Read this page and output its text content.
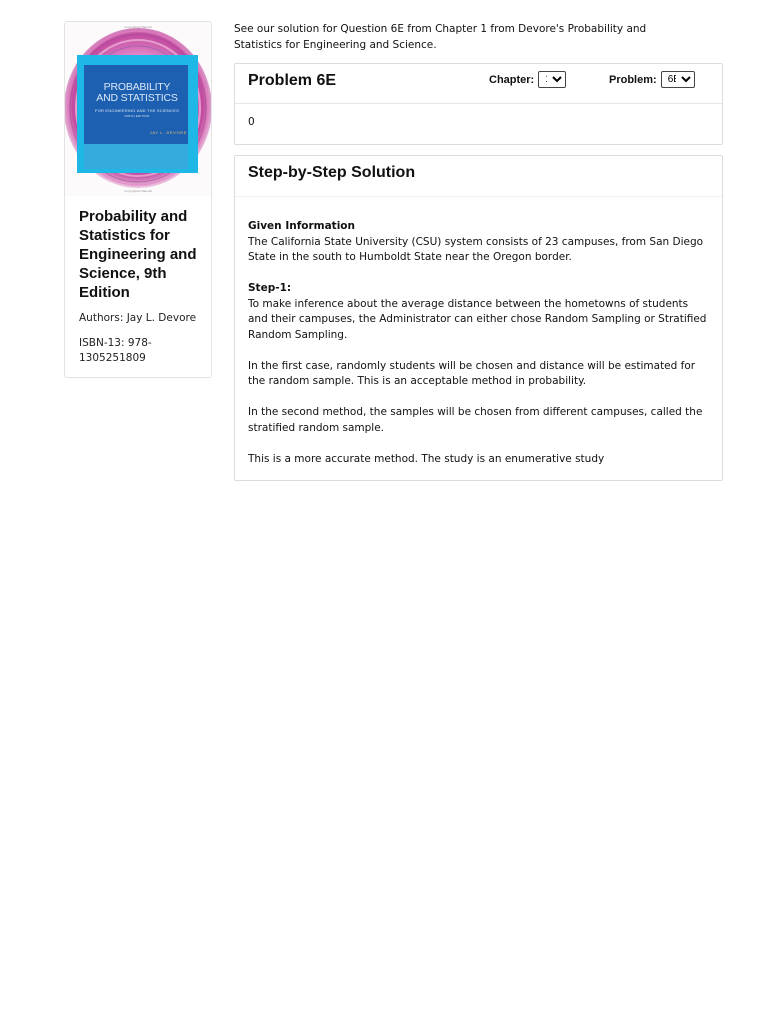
Copyrighted Material
PROBABILITY
AND STATISTICS
FOR ENGINEERING AND THE SCIENCES
NINTH EDITION
JAY L. DEVORE
Copyrighted Material
Probability and Statistics for Engineering and Science, 9th Edition
Authors: Jay L. Devore
ISBN-13: 978-1305251809
See our solution for Question 6E from Chapter 1 from Devore's Probability and Statistics for Engineering and Science.
Problem 6E	Chapter:
1	Problem:
6E
0
Step-by-Step Solution

Given Information

The California State University (CSU) system consists of 23 campuses, from San Diego State in the south to Humboldt State near the Oregon border.

Step-1:

To make inference about the average distance between the hometowns of students and their campuses, the Administrator can either chose Random Sampling or Stratified Random Sampling.

In the first case, randomly students will be chosen and distance will be estimated for the random sample. This is an acceptable method in probability.

In the second method, the samples will be chosen from different campuses, called the stratified random sample.

This is a more accurate method. The study is an enumerative study
